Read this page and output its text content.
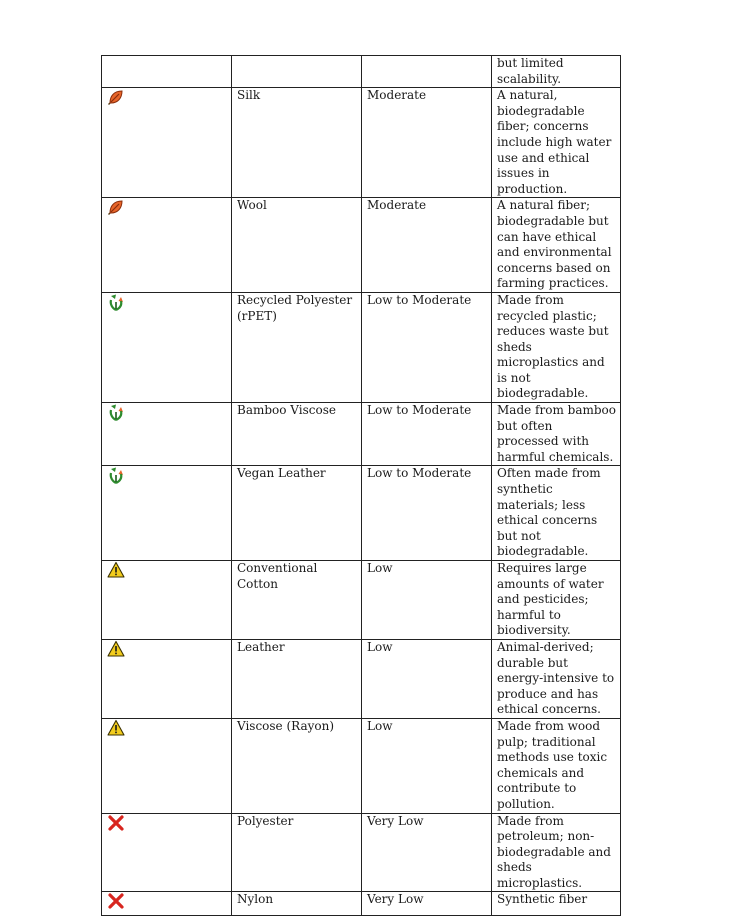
			but limited scalability.

	Silk	Moderate	A natural, biodegradable fiber; concerns include high water use and ethical issues in production.

	Wool	Moderate	A natural fiber; biodegradable but can have ethical and environmental concerns based on farming practices.

	Recycled Polyester (rPET)	Low to Moderate	Made from recycled plastic; reduces waste but sheds microplastics and is not biodegradable.

	Bamboo Viscose	Low to Moderate	Made from bamboo but often processed with harmful chemicals.

	Vegan Leather	Low to Moderate	Often made from synthetic materials; less ethical concerns but not biodegradable.

	Conventional Cotton	Low	Requires large amounts of water and pesticides; harmful to biodiversity.

	Leather	Low	Animal-derived; durable but energy-intensive to produce and has ethical concerns.

	Viscose (Rayon)	Low	Made from wood pulp; traditional methods use toxic chemicals and contribute to pollution.

	Polyester	Very Low	Made from petroleum; non-biodegradable and sheds microplastics.

	Nylon	Very Low	Synthetic fiber
